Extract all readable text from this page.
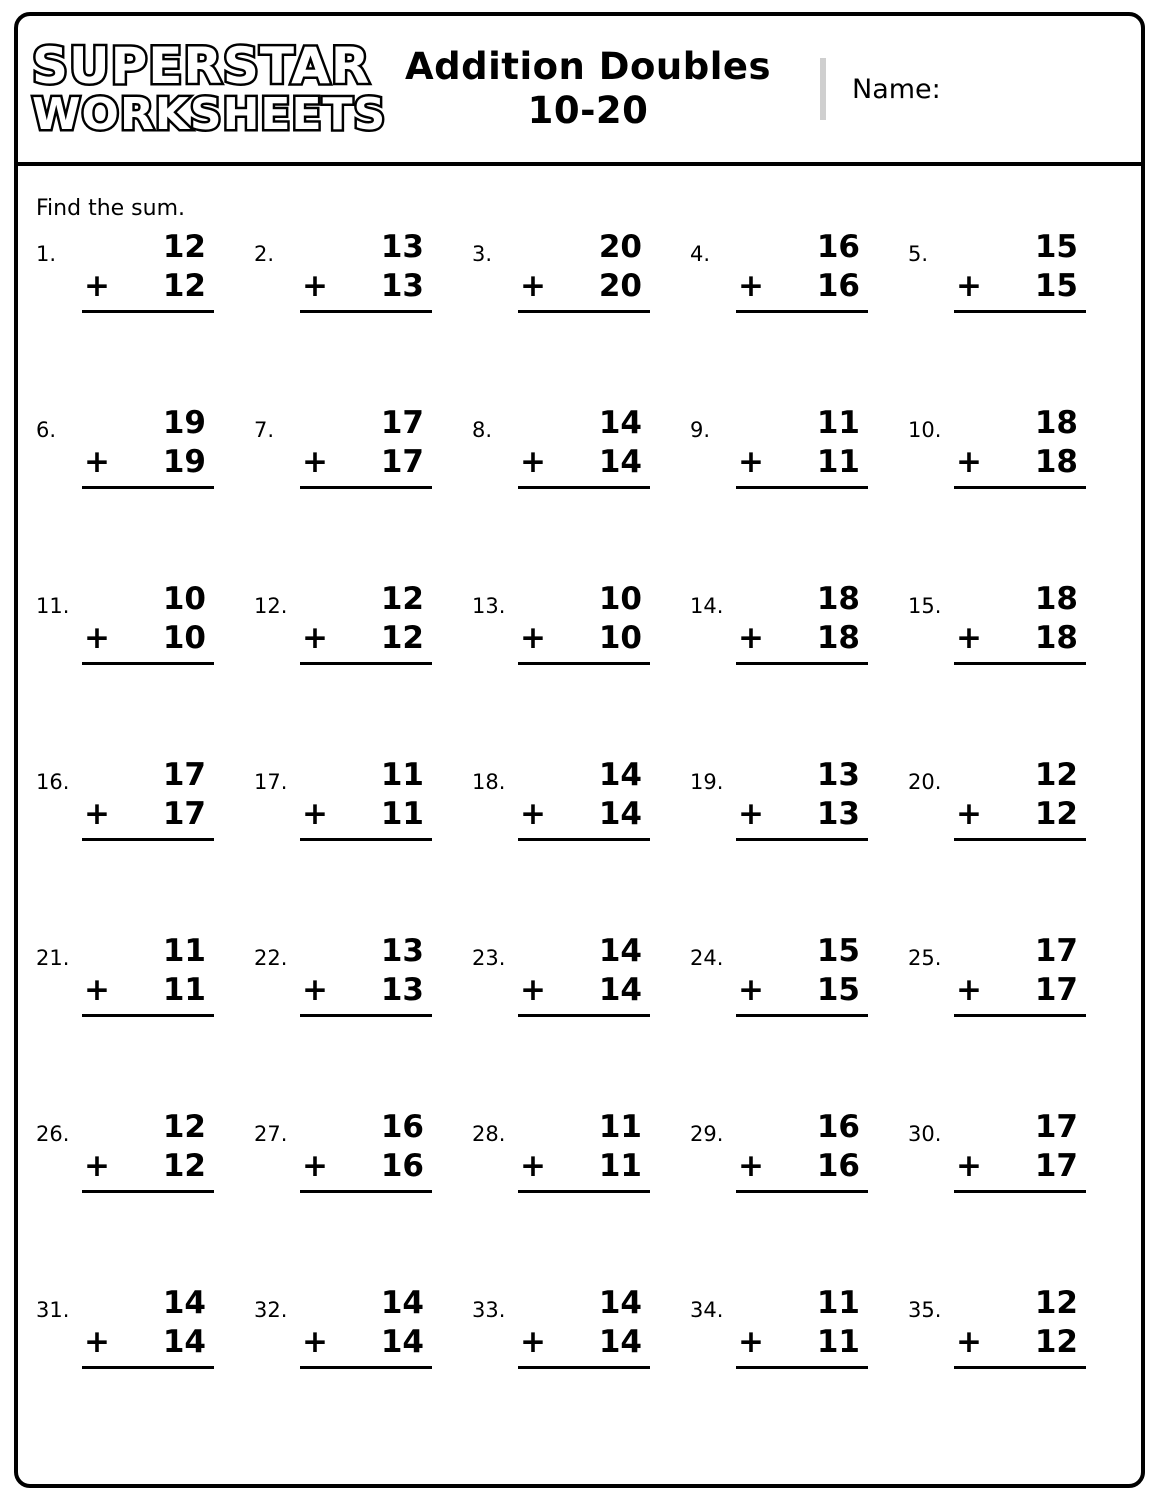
SUPERSTAR
WORKSHEETS
Addition Doubles
10-20	Name:
Find the sum.
1.	12
+ 12
2.	13
+ 13
3.	20
+ 20
4.	16
+ 16
5.	15
+ 15
6.	19
+ 19
7.	17
+ 17
8.	14
+ 14
9.	11
+ 11
10.	18
+ 18
11.	10
+ 10
12.	12
+ 12
13.	10
+ 10
14.	18
+ 18
15.	18
+ 18
16.	17
+ 17
17.	11
+ 11
18.	14
+ 14
19.	13
+ 13
20.	12
+ 12
21.	11
+ 11
22.	13
+ 13
23.	14
+ 14
24.	15
+ 15
25.	17
+ 17
26.	12
+ 12
27.	16
+ 16
28.	11
+ 11
29.	16
+ 16
30.	17
+ 17
31.	14
+ 14
32.	14
+ 14
33.	14
+ 14
34.	11
+ 11
35.	12
+ 12
